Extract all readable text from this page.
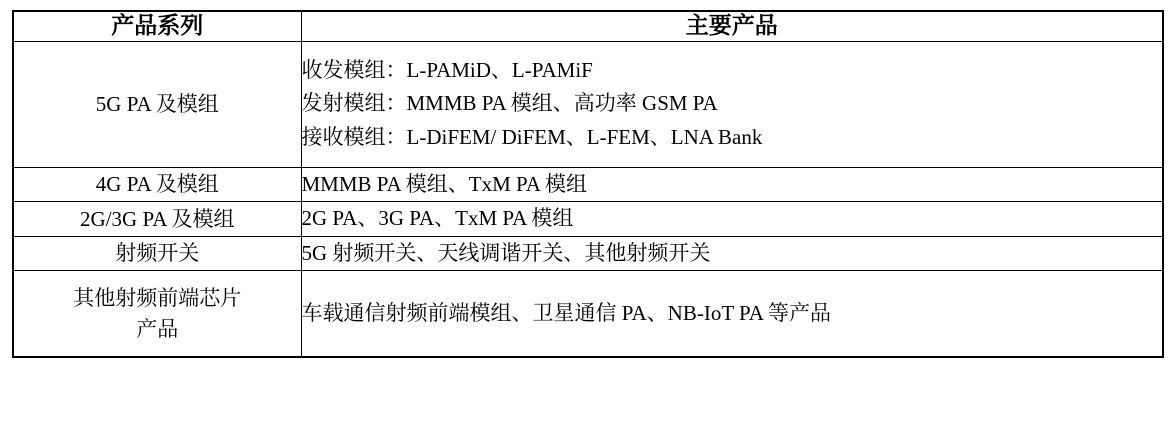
产品系列	主要产品
5G PA 及模组	收发模组：L-PAMiD、L-PAMiF
发射模组：MMMB PA 模组、高功率 GSM PA
接收模组：L-DiFEM/ DiFEM、L-FEM、LNA Bank

4G PA 及模组	MMMB PA 模组、TxM PA 模组

2G/3G PA 及模组	2G PA、3G PA、TxM PA 模组

射频开关	5G 射频开关、天线调谐开关、其他射频开关

其他射频前端芯片
产品	车载通信射频前端模组、卫星通信 PA、NB-IoT PA 等产品
